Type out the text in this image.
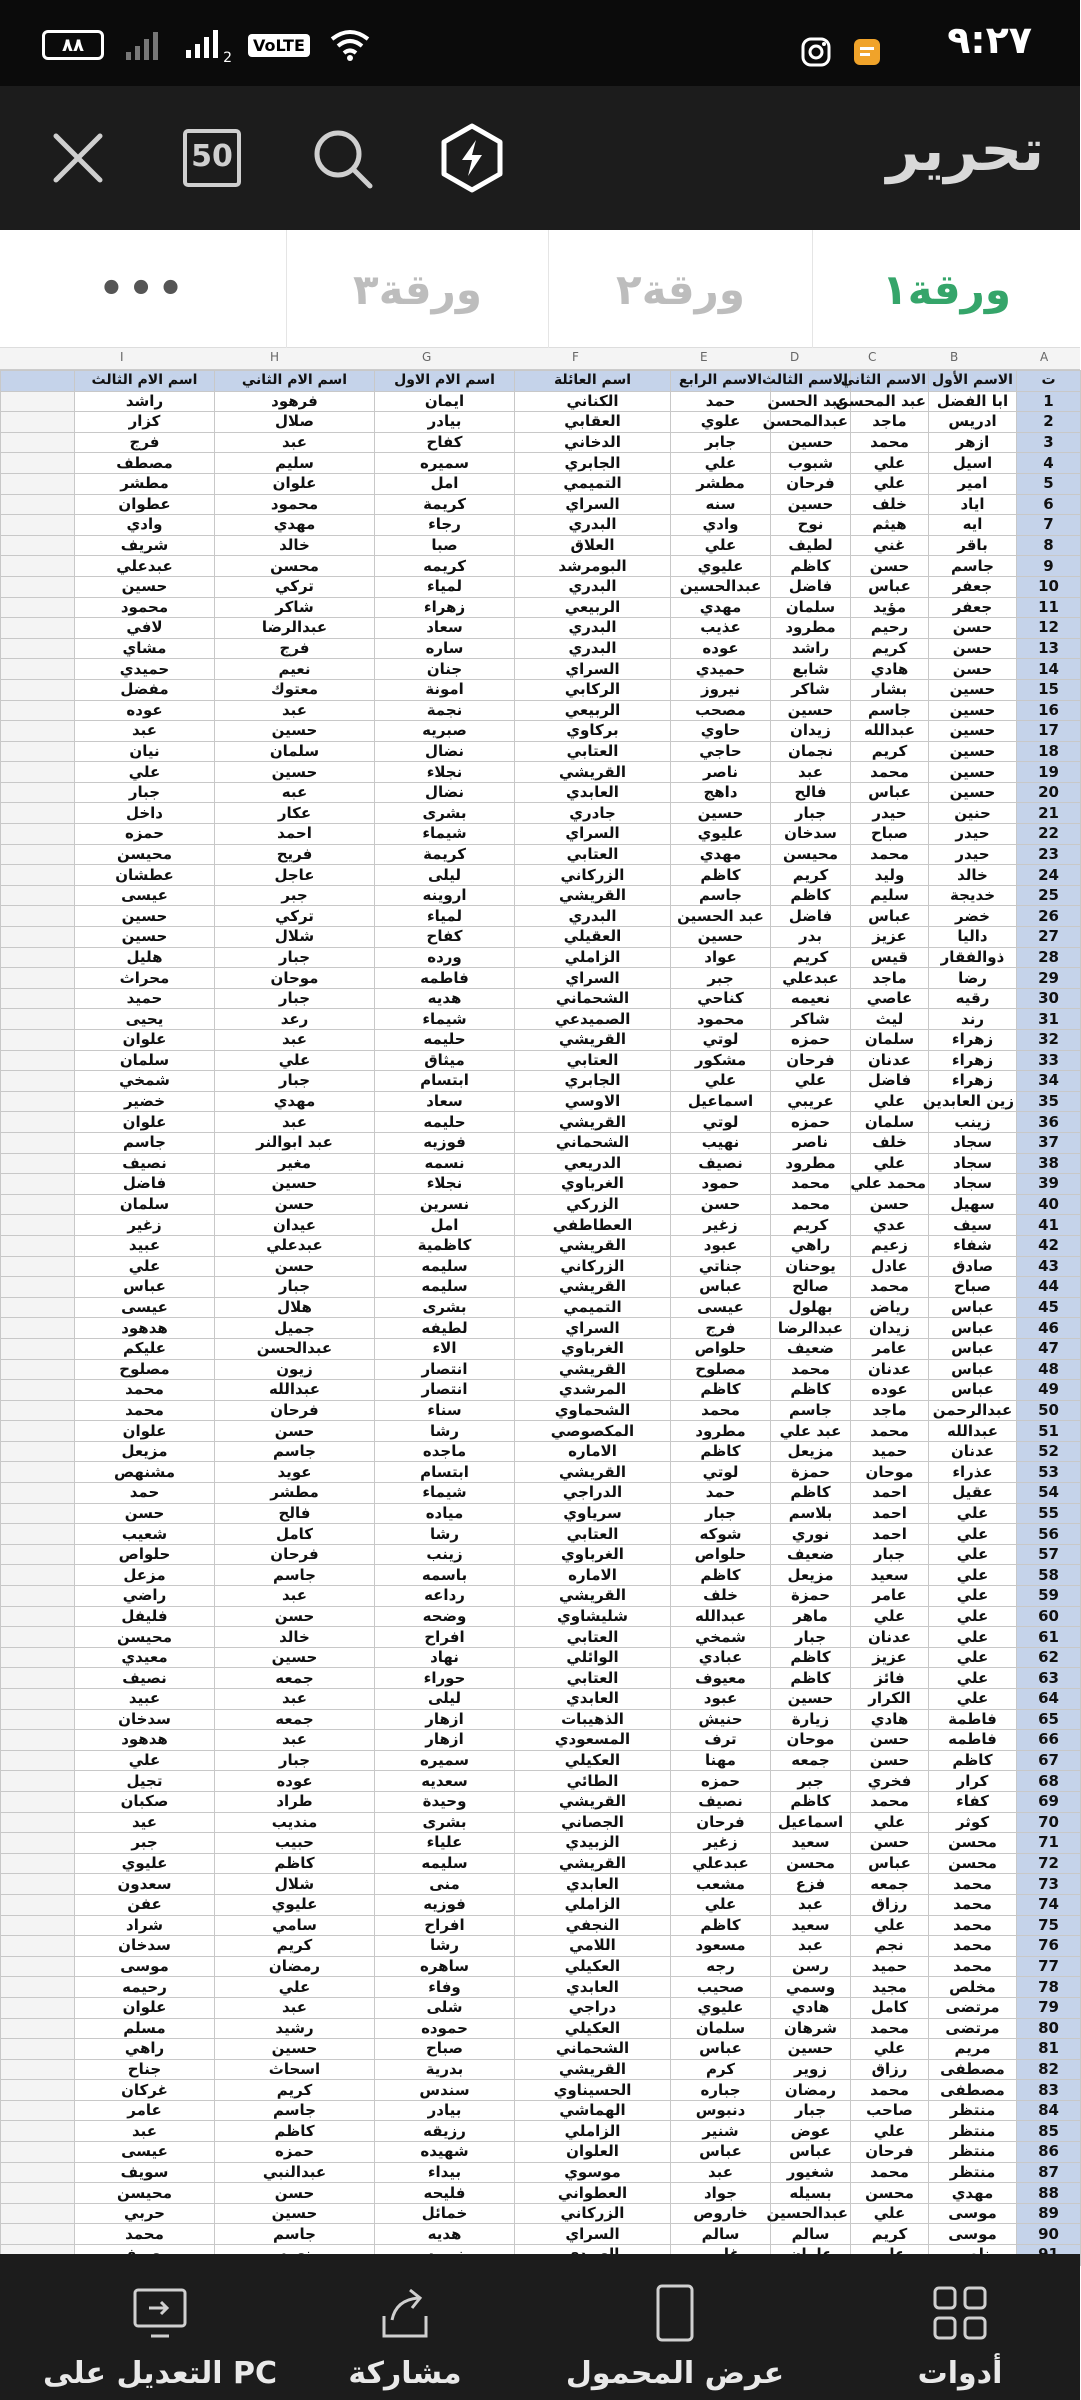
٨٨
2
VoLTE	٩:٢٧
50	تحرير
ورقة١
ورقة٢
ورقة٣
•••
A
B
C
D
E
F
G
H
I
ت	الاسم الأول	الاسم الثاني	الاسم الثالث	الاسم الرابع	اسم العائلة	اسم الام الاول	اسم الام الثاني	اسم الام الثالث	
1	ابا الفضل	عبد المحسن	عبد الحسن	حمد	الكناني	ايمان	فرهود	راشد	
2	ادريس	ماجد	عبدالمحسن	علوي	العقابي	بيادر	صلال	كزار	
3	ازهر	محمد	حسين	جابر	الدخاني	كفاح	عبد	فرج	
4	اسيل	علي	شبوب	علي	الجابري	سميره	سليم	مصطف	
5	امير	علي	فرحان	مطشر	التميمي	امل	علوان	مطشر	
6	اياد	خلف	حسين	سنه	السراي	كريمة	محمود	عطوان	
7	ايه	هيثم	نوح	وادي	البدري	رجاء	مهدي	وادي	
8	باقر	غني	لطيف	علي	العلاق	صبا	خالد	شريف	
9	جاسم	حسن	كاظم	عليوي	البومرشد	كريمه	محسن	عبدعلي	
10	جعفر	عباس	فاضل	عبدالحسين	البدري	لمياء	تركي	حسين	
11	جعفر	مؤيد	سلمان	مهدي	الربيعي	زهراء	شاكر	محمود	
12	حسن	رحيم	مطرود	عذيب	البدري	سعاد	عبدالرضا	لافي	
13	حسن	كريم	راشد	عوده	البدري	ساره	فرج	مشاي	
14	حسن	هادي	شابع	حميدي	السراي	جنان	نعيم	حميدي	
15	حسين	بشار	شاكر	نيروز	الركابي	امونة	معتوك	مفضل	
16	حسين	جاسم	حسين	مصحب	الربيعي	نجمة	عبد	عوده	
17	حسين	عبدالله	زيدان	حاوي	بركاوي	صبريه	حسين	عبد	
18	حسين	كريم	نجمان	حاجي	العتابي	نضال	سلمان	نيان	
19	حسين	محمد	عبد	ناصر	القريشي	نجلاء	حسين	علي	
20	حسين	عباس	فالح	داهج	العابدي	نضال	عبه	جبار	
21	حنين	حيدر	جبار	حسين	جادري	بشرى	عكار	داخل	
22	حيدر	صباح	سدخان	عليوي	السراي	شيماء	احمد	حمزه	
23	حيدر	محمد	محيسن	مهدي	العتابي	كريمة	فريح	محيسن	
24	خالد	وليد	كريم	كاظم	الزركاني	ليلى	عاجل	عطشان	
25	خديجة	سليم	كاظم	جاسم	القريشي	اروينه	جبر	عيسى	
26	خضر	عباس	فاضل	عبد الحسين	البدري	لمياء	تركي	حسين	
27	داليا	عزيز	بدر	حسين	العقيلي	كفاح	شلال	حسين	
28	ذوالفقار	قيس	كريم	عواد	الزاملي	ورده	جبار	هليل	
29	رضا	ماجد	عبدعلي	جبر	السراي	فاطمه	موحان	محراث	
30	رقيه	عاصي	نعيمه	كناحي	الشحماني	هديه	جبار	حميد	
31	رند	ليث	شاكر	محمود	الصميدعي	شيماء	رعد	يحيى	
32	زهراء	سلمان	حمزه	لوتي	القريشي	حليمه	عبد	علوان	
33	زهراء	عدنان	فرحان	مشكور	العتابي	ميثاق	علي	سلمان	
34	زهراء	فاضل	علي	علي	الجابري	ابتسام	جبار	شمخي	
35	زين العابدين	علي	عريبي	اسماعيل	الاوسي	سعاد	مهدي	خضير	
36	زينب	سلمان	حمزه	لوتي	القريشي	حليمه	عبد	علوان	
37	سجاد	خلف	ناصر	نهيب	الشحماني	فوزيه	عبد ابوالنر	جاسم	
38	سجاد	علي	مطرود	نصيف	الدريعي	نسمه	مغير	نصيف	
39	سجاد	محمد علي	محمد	حمود	الغرباوي	نجلاء	حسين	فاضل	
40	سهيل	حسن	محمد	حسن	الزركي	نسرين	حسن	سلمان	
41	سيف	عدي	كريم	زغير	العطاطفي	امل	عيدان	زغير	
42	شفاء	زعيم	راهي	عبود	القريشي	كاظمية	عبدعلي	عبيد	
43	صادق	عادل	يوحنان	جناتي	الزركاني	سليمه	حسن	علي	
44	صباح	محمد	صالح	عباس	القريشي	سليمه	جبار	عباس	
45	عباس	رياض	بهلول	عيسى	التميمي	بشرى	هلال	عيسى	
46	عباس	زيدان	عبدالرضا	فرج	السراي	لطيفه	جميل	هدهود	
47	عباس	عامر	ضعيف	حلواص	الغرباوي	الاء	عبدالحسن	عليكم	
48	عباس	عدنان	محمد	مصلوح	القريشي	انتصار	زيون	مصلوح	
49	عباس	عوده	كاظم	كاظم	المرشدي	انتصار	عبدالله	محمد	
50	عبدالرحمن	ماجد	جاسم	محمد	الشحماوي	سناء	فرحان	محمد	
51	عبدالله	محمد	عبد علي	مطرود	المكصوصي	رشا	حسن	علوان	
52	عدنان	حميد	مزيعل	كاظم	الاماره	ماجده	جاسم	مزيعل	
53	عذراء	موحان	حمزة	لوتي	القريشي	ابتسام	عويد	مشنهص	
54	عقيل	احمد	كاظم	حمد	الدراجي	شيماء	مطشر	حمد	
55	علي	احمد	بلاسم	جبار	سرياوي	مياده	فالح	حسن	
56	علي	احمد	نوري	شوكه	العتابي	رشا	كامل	شعيب	
57	علي	جبار	ضعيف	حلواص	الغرباوي	زينب	فرحان	حلواص	
58	علي	سعيد	مزيعل	كاظم	الاماره	باسمه	جاسم	مزعل	
59	علي	عامر	حمزة	خلف	القريشي	رداعه	عبد	راضي	
60	علي	علي	ماهر	عبدالله	شليشاوي	وضحه	حسن	فليفل	
61	علي	عدنان	جبار	شمخي	العتابي	افراح	خالد	محيسن	
62	علي	عزيز	كاظم	عبادي	الوائلي	نهاد	حسين	معيدي	
63	علي	فائز	كاظم	معيوف	العتابي	حوراء	جمعه	نصيف	
64	علي	الكرار	حسين	عبود	العابدي	ليلى	عبد	عبيد	
65	فاطمة	هادي	زيارة	حنيش	الذهيبات	ازهار	جمعه	سدخان	
66	فاطمه	حسن	موحان	ترف	المسعودي	ازهار	عبد	هدهود	
67	كاظم	حسن	جمعه	مهنا	العكيلي	سميره	جبار	علي	
68	كرار	فخري	جبر	حمزه	الطائي	سعديه	عوده	تجيل	
69	كفاء	محمد	كاظم	نصيف	القريشي	وحيدة	طراد	صكبان	
70	كوثر	علي	اسماعيل	فرحان	الجصاني	بشرى	منديب	عيد	
71	محسن	حسن	سعيد	زغير	الزبيدي	علياء	حبيب	جبر	
72	محسن	عباس	محسن	عبدعلي	القريشي	سليمه	كاظم	عليوي	
73	محمد	جمعه	فزع	مشعب	العابدي	منى	شلال	سعدون	
74	محمد	رزاق	عبد	علي	الزاملي	فوزيه	عليوي	عفن	
75	محمد	علي	سعيد	كاظم	النجفي	افراح	سامي	شراد	
76	محمد	نجم	عبد	مسعود	اللامي	رشا	كريم	سدخان	
77	محمد	حميد	رسن	رجه	العكيلي	ساهره	رمضان	موسى	
78	مخلص	مجيد	وسمي	صحيب	العابدي	وفاء	علي	رحيمه	
79	مرتضى	كامل	هادي	عليوي	دراجي	شلى	عبد	علوان	
80	مرتضى	محمد	شرهان	سلمان	العكيلي	حموده	رشيد	مسلم	
81	مريم	علي	حسين	عباس	الشحماني	صباح	حسين	راهي	
82	مصطفى	رزاق	زوير	كرم	القريشي	بدرية	اسحاث	جناح	
83	مصطفى	محمد	رمضان	جباره	الحسيناوي	سندس	كريم	غركان	
84	منتظر	صاحب	جبار	دنبوس	الهماشي	بيادر	جاسم	عامر	
85	منتظر	علي	عوض	شنير	الزاملي	رزيقه	كاظم	عبد	
86	منتظر	فرحان	عباس	عباس	العلوان	شهيده	حمزه	عيسى	
87	منتظر	محمد	شغيور	عبد	موسوي	بيداء	عبدالنبي	سويف	
88	مهدي	محسن	بسيله	جواد	العطواني	فليحه	حسن	محيسن	
89	موسى	علي	عبدالحسين	خاروص	الزركاني	خمائل	حسين	حربي	
90	موسى	كريم	سالم	سالم	السراي	هديه	جاسم	محمد	

أدوات
عرض المحمول
مشاركة
التعديل على PC
